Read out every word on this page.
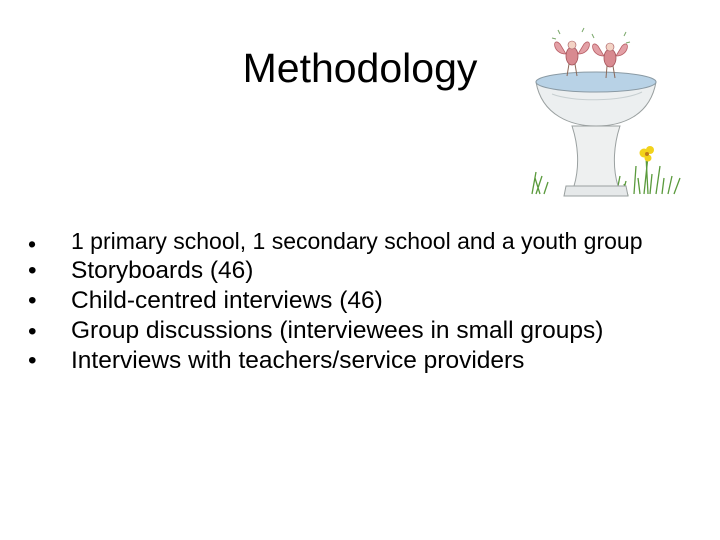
Methodology
• 1 primary school, 1 secondary school and a youth group
• Storyboards (46)
• Child-centred interviews (46)
• Group discussions (interviewees in small groups)
• Interviews with teachers/service providers
